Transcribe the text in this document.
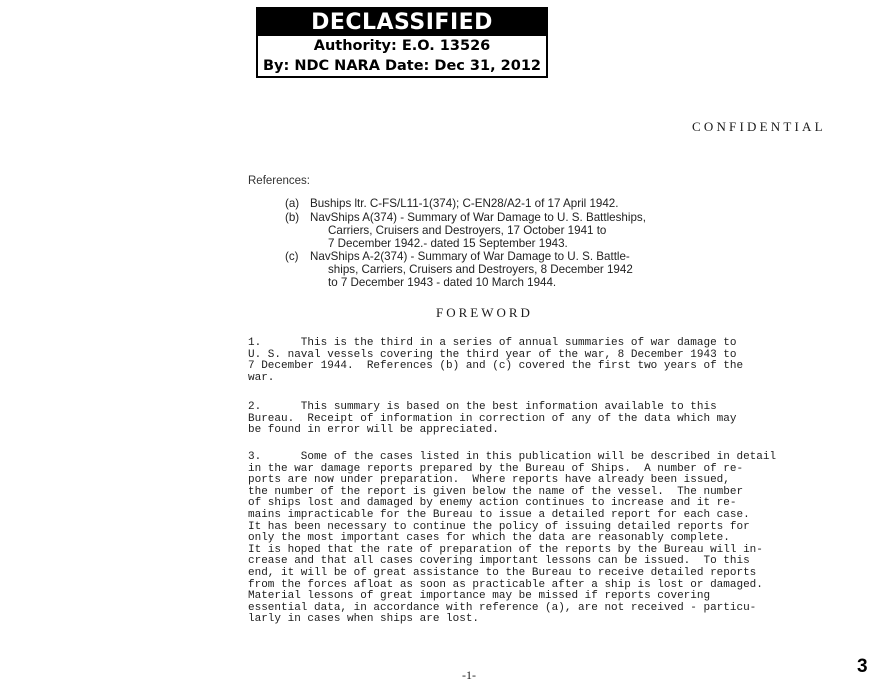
DECLASSIFIED
Authority: E.O. 13526
By: NDC NARA Date: Dec 31, 2012
CONFIDENTIAL
References:
(a) Buships ltr. C-FS/L11-1(374); C-EN28/A2-1 of 17 April 1942.
(b) NavShips A(374) - Summary of War Damage to U. S. Battleships,
Carriers, Cruisers and Destroyers, 17 October 1941 to
7 December 1942.- dated 15 September 1943.
(c) NavShips A-2(374) - Summary of War Damage to U. S. Battle-
ships, Carriers, Cruisers and Destroyers, 8 December 1942
to 7 December 1943 - dated 10 March 1944.
FOREWORD
1.      This is the third in a series of annual summaries of war damage to
U. S. naval vessels covering the third year of the war, 8 December 1943 to
7 December 1944.  References (b) and (c) covered the first two years of the
war.
2.      This summary is based on the best information available to this
Bureau.  Receipt of information in correction of any of the data which may
be found in error will be appreciated.
3.      Some of the cases listed in this publication will be described in detail
in the war damage reports prepared by the Bureau of Ships.  A number of re-
ports are now under preparation.  Where reports have already been issued,
the number of the report is given below the name of the vessel.  The number
of ships lost and damaged by enemy action continues to increase and it re-
mains impracticable for the Bureau to issue a detailed report for each case.
It has been necessary to continue the policy of issuing detailed reports for
only the most important cases for which the data are reasonably complete.
It is hoped that the rate of preparation of the reports by the Bureau will in-
crease and that all cases covering important lessons can be issued.  To this
end, it will be of great assistance to the Bureau to receive detailed reports
from the forces afloat as soon as practicable after a ship is lost or damaged.
Material lessons of great importance may be missed if reports covering
essential data, in accordance with reference (a), are not received - particu-
larly in cases when ships are lost.
-1-	3
